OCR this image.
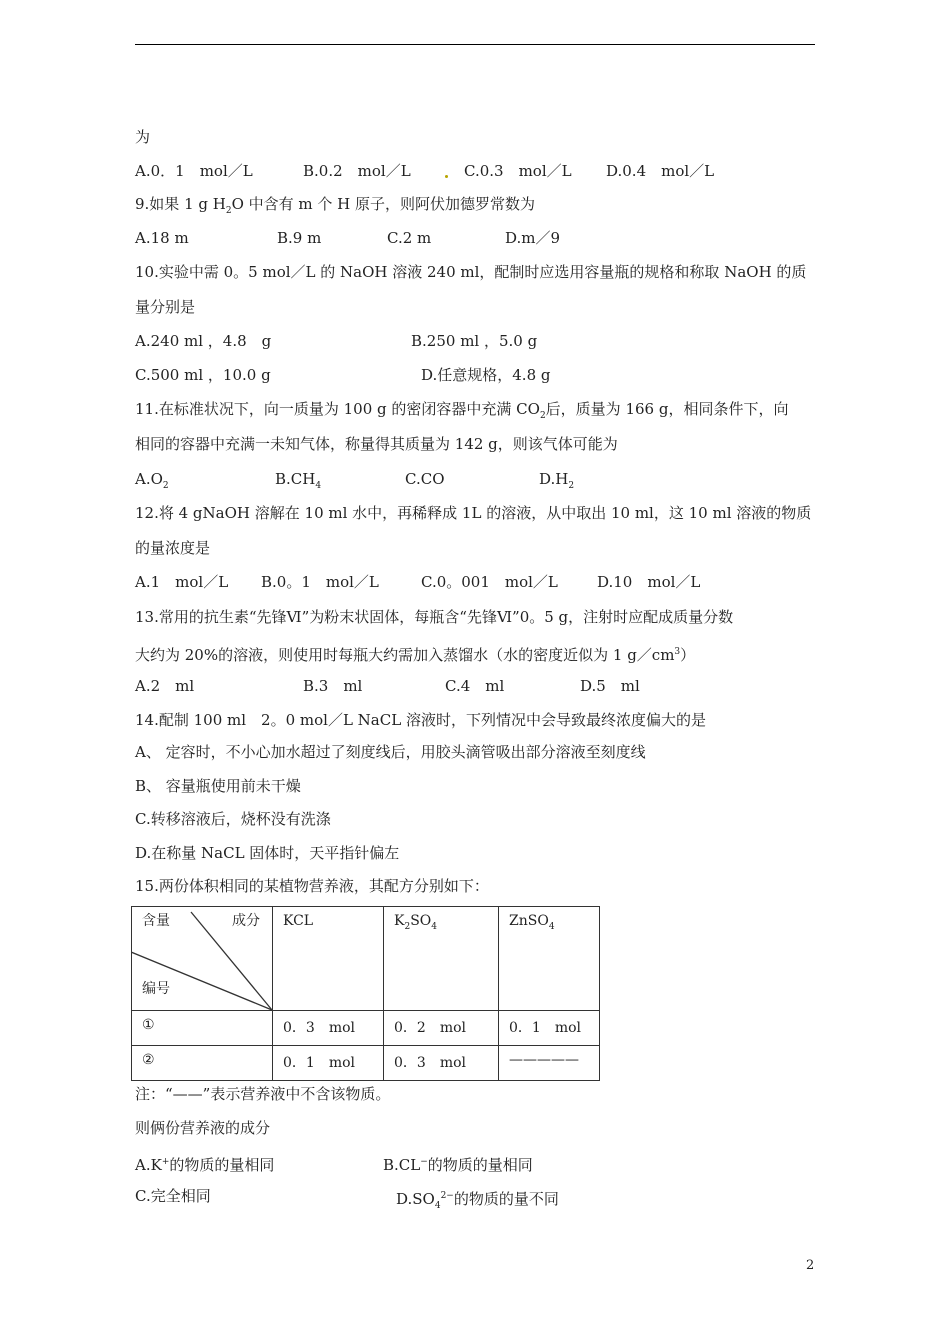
为
A.0．1　mol／L	B.0.2　mol／L	C.0.3　mol／L D.0.4　mol／L
9.如果 1 g $H_2O$ 中含有 m 个 H 原子，则阿伏加德罗常数为
A.18 m	B.9 m	C.2 m	D.m／9
10.实验中需 0。5 mol／L 的 NaOH 溶液 240 ml，配制时应选用容量瓶的规格和称取 NaOH 的质
量分别是
A.240 ml ，4.8　g	B.250 ml ，5.0 g
C.500 ml ，10.0 g	D.任意规格，4.8 g
11.在标准状况下，向一质量为 100 g 的密闭容器中充满 $CO_2$后，质量为 166 g，相同条件下，向
相同的容器中充满一未知气体，称量得其质量为 142 g，则该气体可能为
$A.O_2$	$B.CH_4$	C.CO	$D.H_2$
12.将 4 gNaOH 溶解在 10 ml 水中，再稀释成 1L 的溶液，从中取出 10 ml，这 10 ml 溶液的物质
的量浓度是
A.1　mol／L B.0。1　mol／L	C.0。001　mol／L	D.10　mol／L
13.常用的抗生素“先锋Ⅵ”为粉末状固体，每瓶含“先锋Ⅵ”0。5 g，注射时应配成质量分数
大约为 20%的溶液，则使用时每瓶大约需加入蒸馏水（水的密度近似为 1 $g/cm^3$）
A.2　ml	B.3　ml	C.4　ml	D.5　ml
14.配制 100 ml　2。0 mol／L NaCL 溶液时，下列情况中会导致最终浓度偏大的是
A、 定容时，不小心加水超过了刻度线后，用胶头滴管吸出部分溶液至刻度线
B、 容量瓶使用前未干燥
C.转移溶液后，烧杯没有洗涤
D.在称量 NaCL 固体时，天平指针偏左
15.两份体积相同的某植物营养液，其配方分别如下：
含量 成分
编号	KCL	$K_2SO_4$	ZnSO$_4$
①	0．3　mol	0．2　mol	0．1　mol
②	0．1　mol	0．3　mol	—————
注：“——”表示营养液中不含该物质。
则俩份营养液的成分
A.K+的物质的量相同	B.CL−的物质的量相同
C.完全相同	$D.SO_4^{2-}$的物质的量不同
2
